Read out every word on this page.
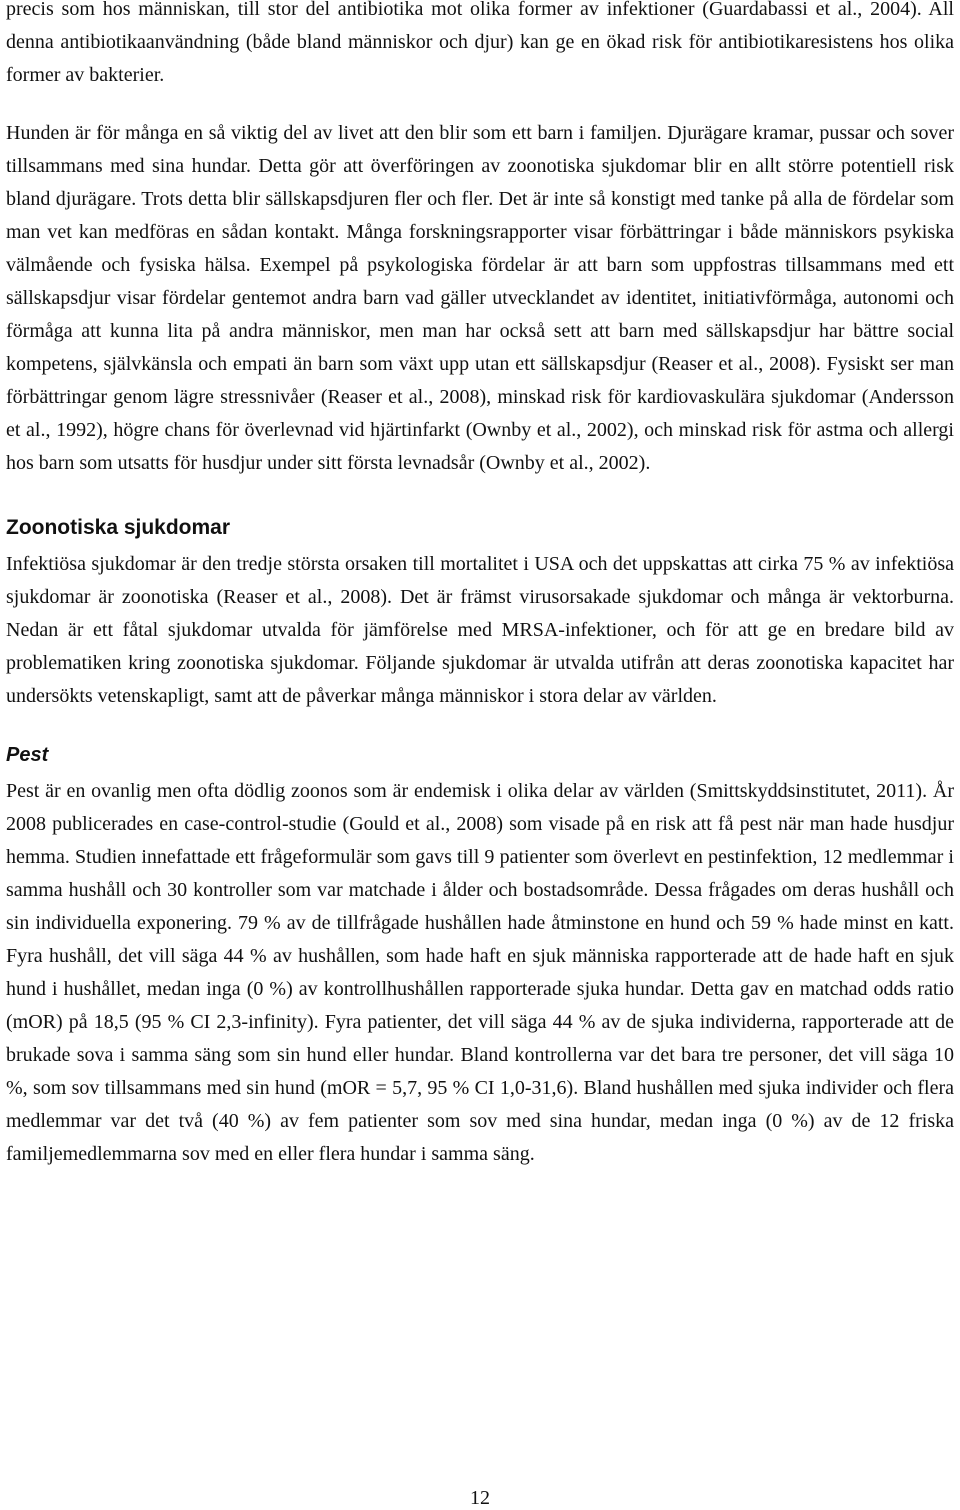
precis som hos människan, till stor del antibiotika mot olika former av infektioner (Guardabassi et al., 2004). All denna antibiotikaanvändning (både bland människor och djur) kan ge en ökad risk för antibiotikaresistens hos olika former av bakterier.

Hunden är för många en så viktig del av livet att den blir som ett barn i familjen. Djurägare kramar, pussar och sover tillsammans med sina hundar. Detta gör att överföringen av zoonotiska sjukdomar blir en allt större potentiell risk bland djurägare. Trots detta blir sällskapsdjuren fler och fler. Det är inte så konstigt med tanke på alla de fördelar som man vet kan medföras en sådan kontakt. Många forskningsrapporter visar förbättringar i både människors psykiska välmående och fysiska hälsa. Exempel på psykologiska fördelar är att barn som uppfostras tillsammans med ett sällskapsdjur visar fördelar gentemot andra barn vad gäller utvecklandet av identitet, initiativförmåga, autonomi och förmåga att kunna lita på andra människor, men man har också sett att barn med sällskapsdjur har bättre social kompetens, självkänsla och empati än barn som växt upp utan ett sällskapsdjur (Reaser et al., 2008). Fysiskt ser man förbättringar genom lägre stressnivåer (Reaser et al., 2008), minskad risk för kardiovaskulära sjukdomar (Andersson et al., 1992), högre chans för överlevnad vid hjärtinfarkt (Ownby et al., 2002), och minskad risk för astma och allergi hos barn som utsatts för husdjur under sitt första levnadsår (Ownby et al., 2002).

Zoonotiska sjukdomar

Infektiösa sjukdomar är den tredje största orsaken till mortalitet i USA och det uppskattas att cirka 75 % av infektiösa sjukdomar är zoonotiska (Reaser et al., 2008). Det är främst virusorsakade sjukdomar och många är vektorburna. Nedan är ett fåtal sjukdomar utvalda för jämförelse med MRSA-infektioner, och för att ge en bredare bild av problematiken kring zoonotiska sjukdomar. Följande sjukdomar är utvalda utifrån att deras zoonotiska kapacitet har undersökts vetenskapligt, samt att de påverkar många människor i stora delar av världen.

Pest

Pest är en ovanlig men ofta dödlig zoonos som är endemisk i olika delar av världen (Smittskyddsinstitutet, 2011). År 2008 publicerades en case-control-studie (Gould et al., 2008) som visade på en risk att få pest när man hade husdjur hemma. Studien innefattade ett frågeformulär som gavs till 9 patienter som överlevt en pestinfektion, 12 medlemmar i samma hushåll och 30 kontroller som var matchade i ålder och bostadsområde. Dessa frågades om deras hushåll och sin individuella exponering. 79 % av de tillfrågade hushållen hade åtminstone en hund och 59 % hade minst en katt. Fyra hushåll, det vill säga 44 % av hushållen, som hade haft en sjuk människa rapporterade att de hade haft en sjuk hund i hushållet, medan inga (0 %) av kontrollhushållen rapporterade sjuka hundar. Detta gav en matchad odds ratio (mOR) på 18,5 (95 % CI 2,3-infinity). Fyra patienter, det vill säga 44 % av de sjuka individerna, rapporterade att de brukade sova i samma säng som sin hund eller hundar. Bland kontrollerna var det bara tre personer, det vill säga 10 %, som sov tillsammans med sin hund (mOR = 5,7, 95 % CI 1,0-31,6). Bland hushållen med sjuka individer och flera medlemmar var det två (40 %) av fem patienter som sov med sina hundar, medan inga (0 %) av de 12 friska familjemedlemmarna sov med en eller flera hundar i samma säng.

12
